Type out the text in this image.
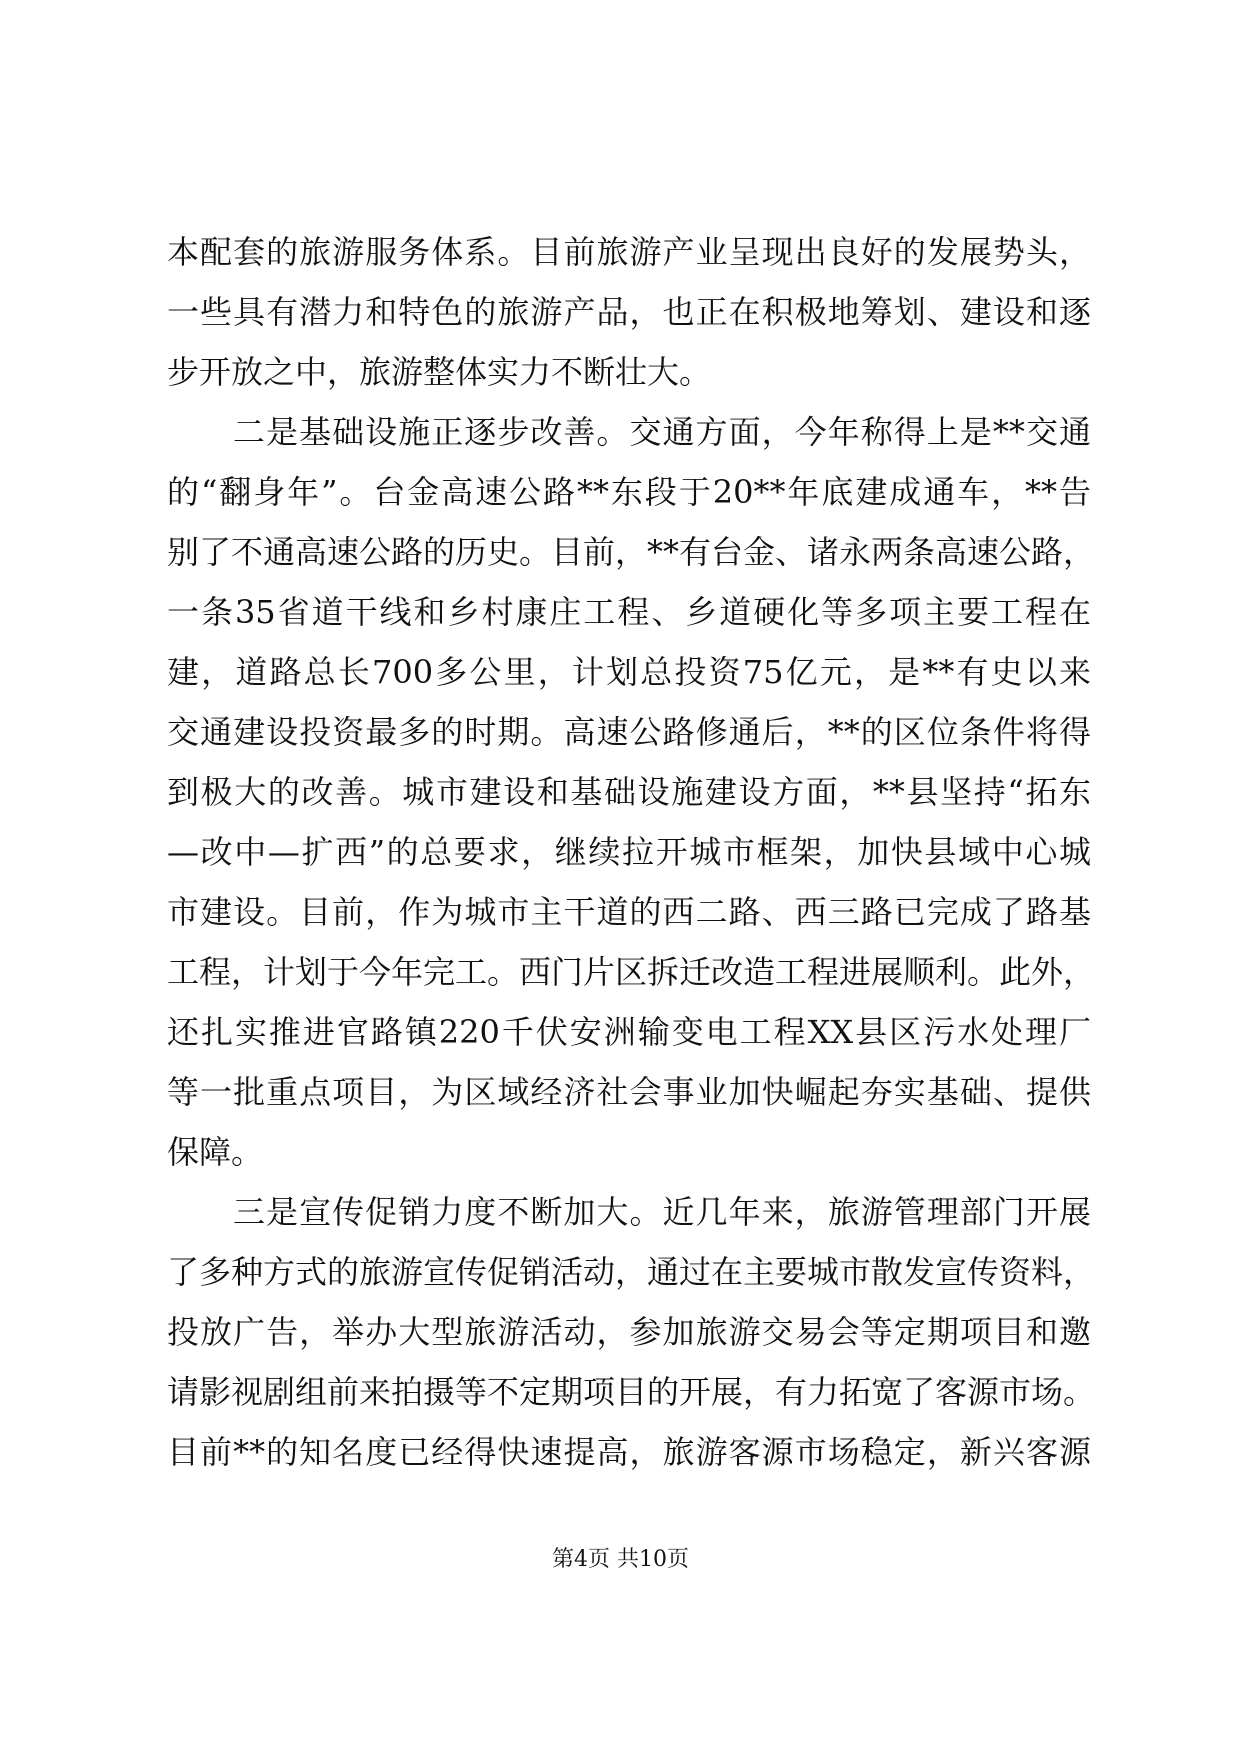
本配套的旅游服务体系。目前旅游产业呈现出良好的发展势头，
一些具有潜力和特色的旅游产品，也正在积极地筹划、建设和逐
步开放之中，旅游整体实力不断壮大。
二是基础设施正逐步改善。交通方面，今年称得上是**交通
的“翻身年”。台金高速公路**东段于20**年底建成通车，**告
别了不通高速公路的历史。目前，**有台金、诸永两条高速公路，
一条35省道干线和乡村康庄工程、乡道硬化等多项主要工程在
建，道路总长700多公里，计划总投资75亿元，是**有史以来
交通建设投资最多的时期。高速公路修通后，**的区位条件将得
到极大的改善。城市建设和基础设施建设方面，**县坚持“拓东
—改中—扩西”的总要求，继续拉开城市框架，加快县域中心城
市建设。目前，作为城市主干道的西二路、西三路已完成了路基
工程，计划于今年完工。西门片区拆迁改造工程进展顺利。此外，
还扎实推进官路镇220千伏安洲输变电工程XX县区污水处理厂
等一批重点项目，为区域经济社会事业加快崛起夯实基础、提供
保障。
三是宣传促销力度不断加大。近几年来，旅游管理部门开展
了多种方式的旅游宣传促销活动，通过在主要城市散发宣传资料，
投放广告，举办大型旅游活动，参加旅游交易会等定期项目和邀
请影视剧组前来拍摄等不定期项目的开展，有力拓宽了客源市场。
目前**的知名度已经得快速提高，旅游客源市场稳定，新兴客源
第4页 共10页
